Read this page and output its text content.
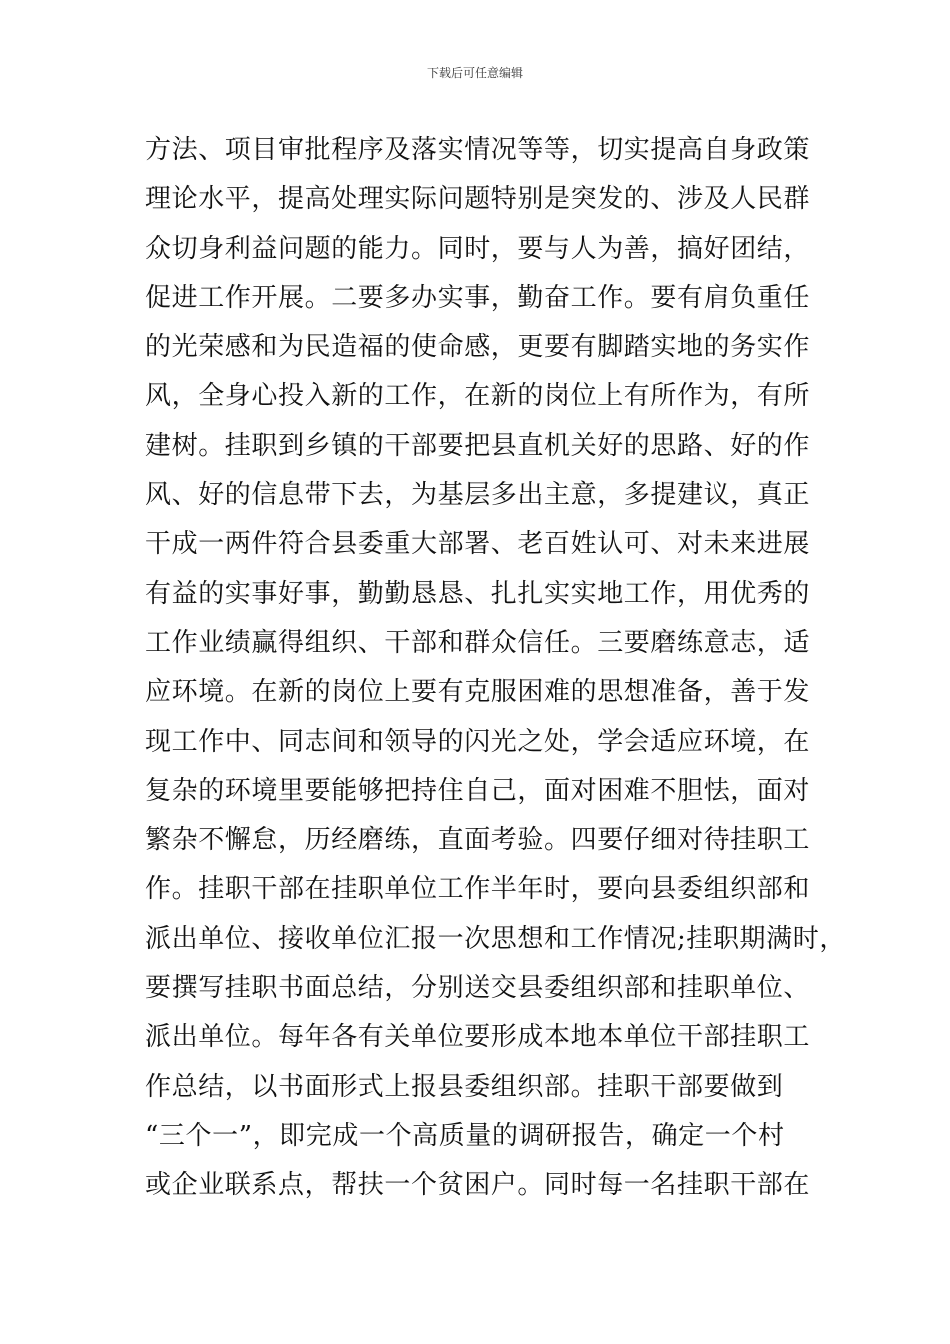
下载后可任意编辑
方法、项目审批程序及落实情况等等，切实提高自身政策
理论水平，提高处理实际问题特别是突发的、涉及人民群
众切身利益问题的能力。同时，要与人为善，搞好团结，
促进工作开展。二要多办实事，勤奋工作。要有肩负重任
的光荣感和为民造福的使命感，更要有脚踏实地的务实作
风，全身心投入新的工作，在新的岗位上有所作为，有所
建树。挂职到乡镇的干部要把县直机关好的思路、好的作
风、好的信息带下去，为基层多出主意，多提建议，真正
干成一两件符合县委重大部署、老百姓认可、对未来进展
有益的实事好事，勤勤恳恳、扎扎实实地工作，用优秀的
工作业绩赢得组织、干部和群众信任。三要磨练意志，适
应环境。在新的岗位上要有克服困难的思想准备，善于发
现工作中、同志间和领导的闪光之处，学会适应环境，在
复杂的环境里要能够把持住自己，面对困难不胆怯，面对
繁杂不懈怠，历经磨练，直面考验。四要仔细对待挂职工
作。挂职干部在挂职单位工作半年时，要向县委组织部和
派出单位、接收单位汇报一次思想和工作情况;挂职期满时，
要撰写挂职书面总结，分别送交县委组织部和挂职单位、
派出单位。每年各有关单位要形成本地本单位干部挂职工
作总结，以书面形式上报县委组织部。挂职干部要做到
“三个一”，即完成一个高质量的调研报告，确定一个村
或企业联系点，帮扶一个贫困户。同时每一名挂职干部在
